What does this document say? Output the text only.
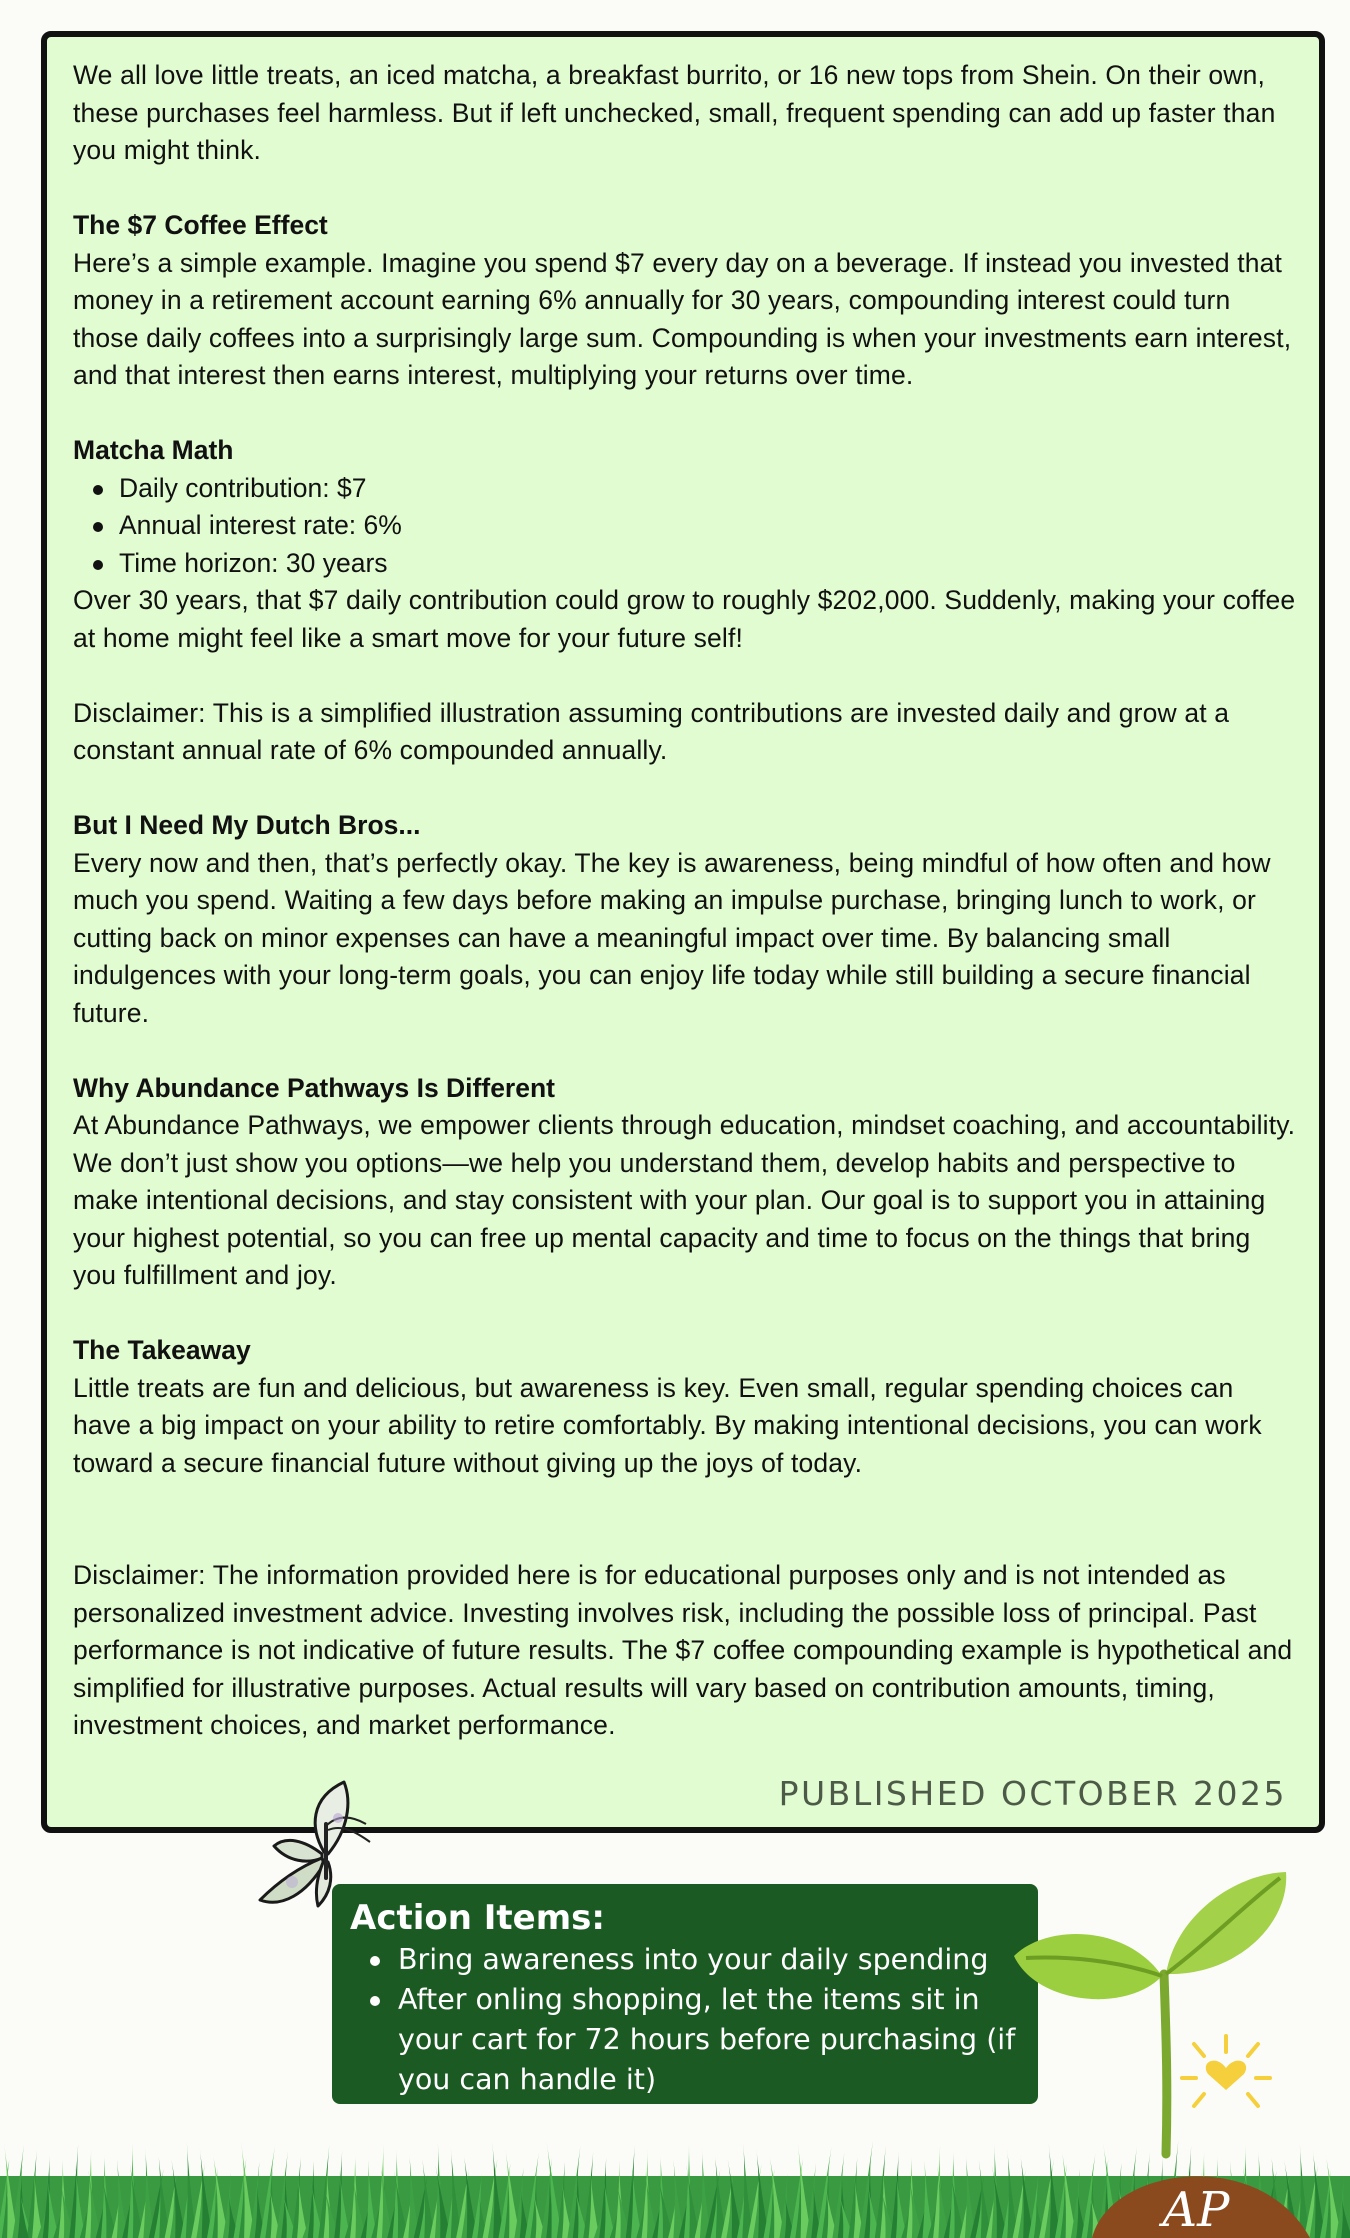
We all love little treats, an iced matcha, a breakfast burrito, or 16 new tops from Shein. On their own, these purchases feel harmless. But if left unchecked, small, frequent spending can add up faster than you might think.

The $7 Coffee Effect

Here’s a simple example. Imagine you spend $7 every day on a beverage. If instead you invested that money in a retirement account earning 6% annually for 30 years, compounding interest could turn those daily coffees into a surprisingly large sum. Compounding is when your investments earn interest, and that interest then earns interest, multiplying your returns over time.

Matcha Math

Daily contribution: $7
Annual interest rate: 6%
Time horizon: 30 years

Over 30 years, that $7 daily contribution could grow to roughly $202,000. Suddenly, making your coffee at home might feel like a smart move for your future self!

Disclaimer: This is a simplified illustration assuming contributions are invested daily and grow at a constant annual rate of 6% compounded annually.

But I Need My Dutch Bros...

Every now and then, that’s perfectly okay. The key is awareness, being mindful of how often and how much you spend. Waiting a few days before making an impulse purchase, bringing lunch to work, or cutting back on minor expenses can have a meaningful impact over time. By balancing small indulgences with your long-term goals, you can enjoy life today while still building a secure financial future.

Why Abundance Pathways Is Different

At Abundance Pathways, we empower clients through education, mindset coaching, and accountability. We don’t just show you options—we help you understand them, develop habits and perspective to make intentional decisions, and stay consistent with your plan. Our goal is to support you in attaining your highest potential, so you can free up mental capacity and time to focus on the things that bring you fulfillment and joy.

The Takeaway

Little treats are fun and delicious, but awareness is key. Even small, regular spending choices can have a big impact on your ability to retire comfortably. By making intentional decisions, you can work toward a secure financial future without giving up the joys of today.

Disclaimer: The information provided here is for educational purposes only and is not intended as personalized investment advice. Investing involves risk, including the possible loss of principal. Past performance is not indicative of future results. The $7 coffee compounding example is hypothetical and simplified for illustrative purposes. Actual results will vary based on contribution amounts, timing, investment choices, and market performance.

PUBLISHED OCTOBER 2025

Action Items:

Bring awareness into your daily spending
After onling shopping, let the items sit in your cart for 72 hours before purchasing (if you can handle it)
AP
